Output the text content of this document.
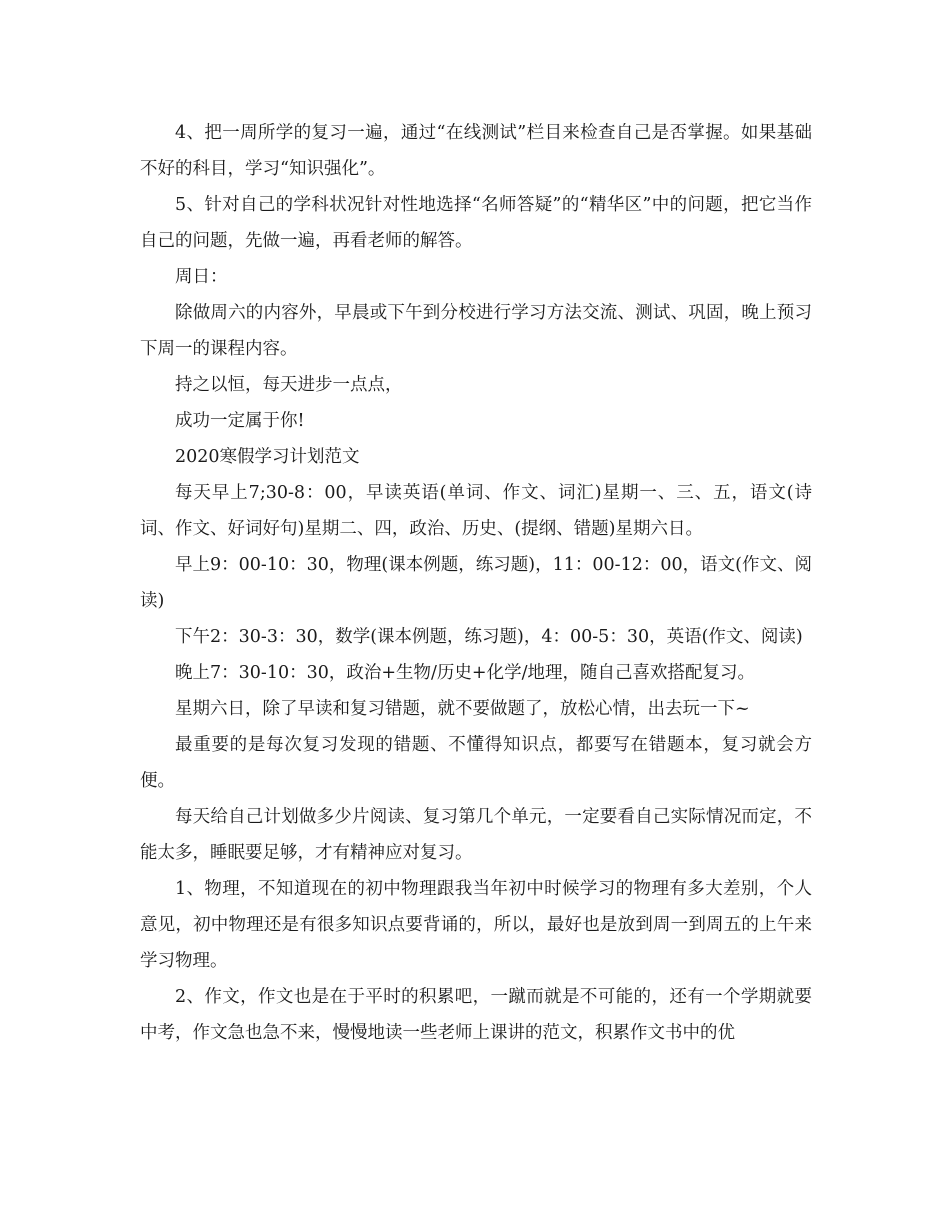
4、把一周所学的复习一遍，通过“在线测试”栏目来检查自己是否掌握。如果基础不好的科目，学习“知识强化”。

5、针对自己的学科状况针对性地选择“名师答疑”的“精华区”中的问题，把它当作自己的问题，先做一遍，再看老师的解答。

周日：

除做周六的内容外，早晨或下午到分校进行学习方法交流、测试、巩固，晚上预习下周一的课程内容。

持之以恒，每天进步一点点，

成功一定属于你!

2020寒假学习计划范文

每天早上7;30-8：00，早读英语(单词、作文、词汇)星期一、三、五，语文(诗词、作文、好词好句)星期二、四，政治、历史、(提纲、错题)星期六日。

早上9：00-10：30，物理(课本例题，练习题)，11：00-12：00，语文(作文、阅读)

下午2：30-3：30，数学(课本例题，练习题)，4：00-5：30，英语(作文、阅读)

晚上7：30-10：30，政治+生物/历史+化学/地理，随自己喜欢搭配复习。

星期六日，除了早读和复习错题，就不要做题了，放松心情，出去玩一下~

最重要的是每次复习发现的错题、不懂得知识点，都要写在错题本，复习就会方便。

每天给自己计划做多少片阅读、复习第几个单元，一定要看自己实际情况而定，不能太多，睡眠要足够，才有精神应对复习。

1、物理，不知道现在的初中物理跟我当年初中时候学习的物理有多大差别，个人意见，初中物理还是有很多知识点要背诵的，所以，最好也是放到周一到周五的上午来学习物理。

2、作文，作文也是在于平时的积累吧，一蹴而就是不可能的，还有一个学期就要中考，作文急也急不来，慢慢地读一些老师上课讲的范文，积累作文书中的优
